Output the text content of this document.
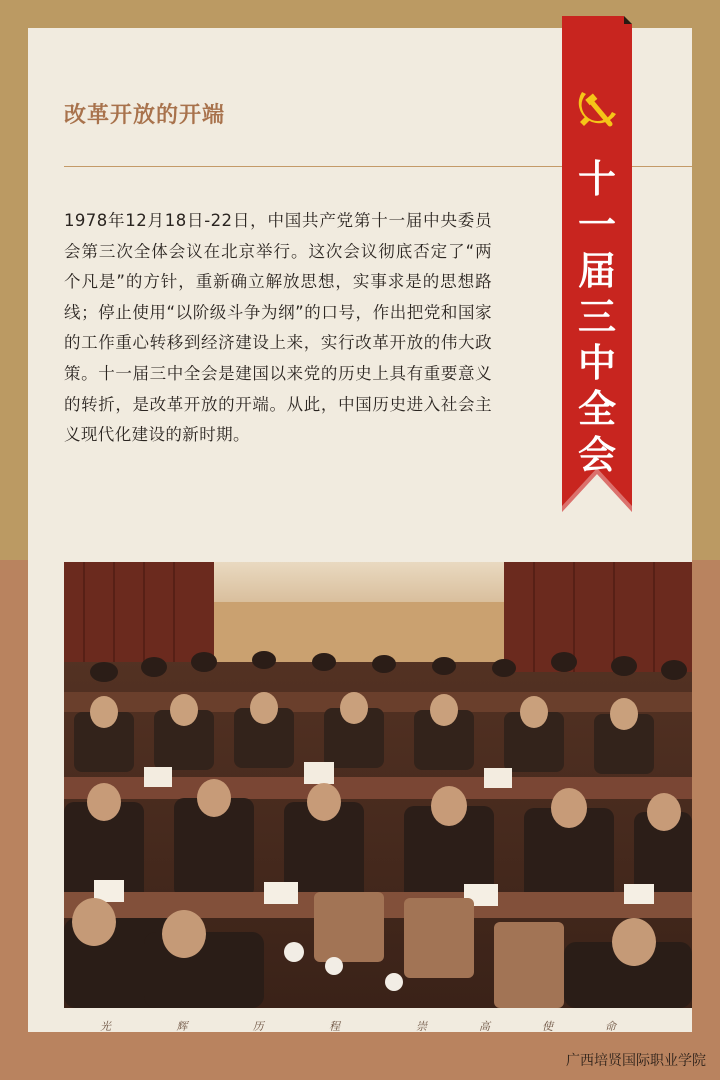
改革开放的开端
1978年12月18日-22日，中国共产党第十一届中央委员会第三次全体会议在北京举行。这次会议彻底否定了“两个凡是”的方针，重新确立解放思想，实事求是的思想路线；停止使用“以阶级斗争为纲”的口号，作出把党和国家的工作重心转移到经济建设上来，实行改革开放的伟大政策。十一届三中全会是建国以来党的历史上具有重要意义的转折，是改革开放的开端。从此，中国历史进入社会主义现代化建设的新时期。
十
一
届
三
中
全
会
光	辉	历	程	崇	高	使	命
广西培贤国际职业学院
